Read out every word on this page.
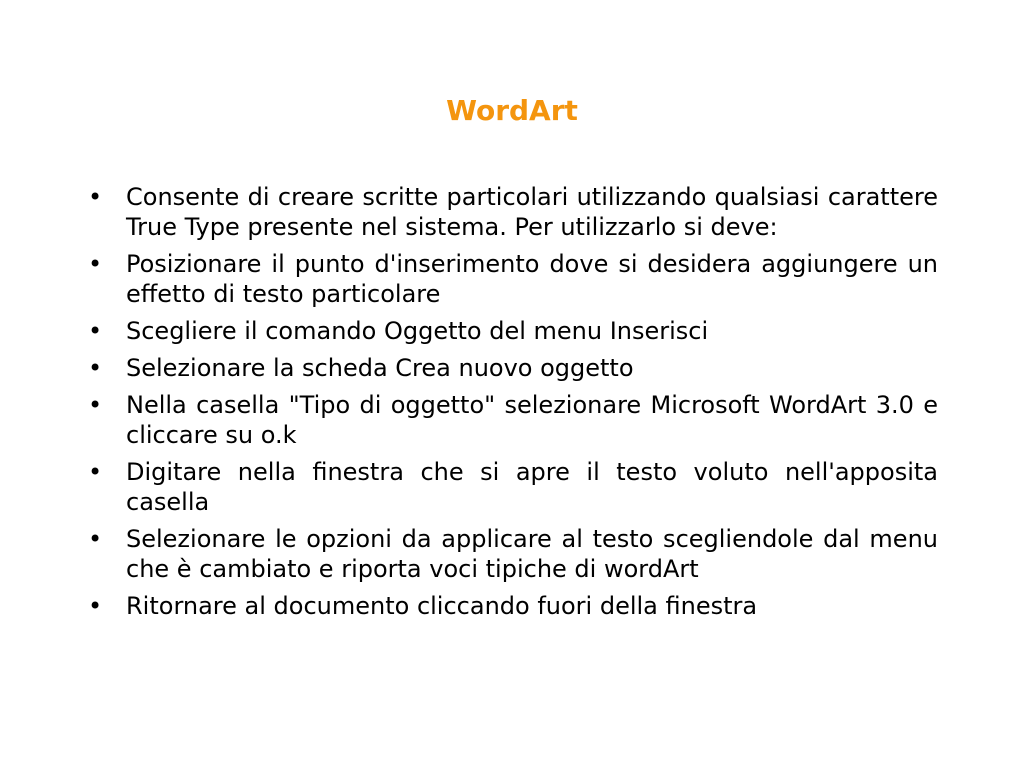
WordArt
• Consente di creare scritte particolari utilizzando qualsiasi carattere True Type presente nel sistema. Per utilizzarlo si deve:
• Posizionare il punto d'inserimento dove si desidera aggiungere un effetto di testo particolare
• Scegliere il comando Oggetto del menu Inserisci
• Selezionare la scheda Crea nuovo oggetto
• Nella casella "Tipo di oggetto" selezionare Microsoft WordArt 3.0 e cliccare su o.k
• Digitare nella finestra che si apre il testo voluto nell'apposita casella
• Selezionare le opzioni da applicare al testo scegliendole dal menu che è cambiato e riporta voci tipiche di wordArt
• Ritornare al documento cliccando fuori della finestra
